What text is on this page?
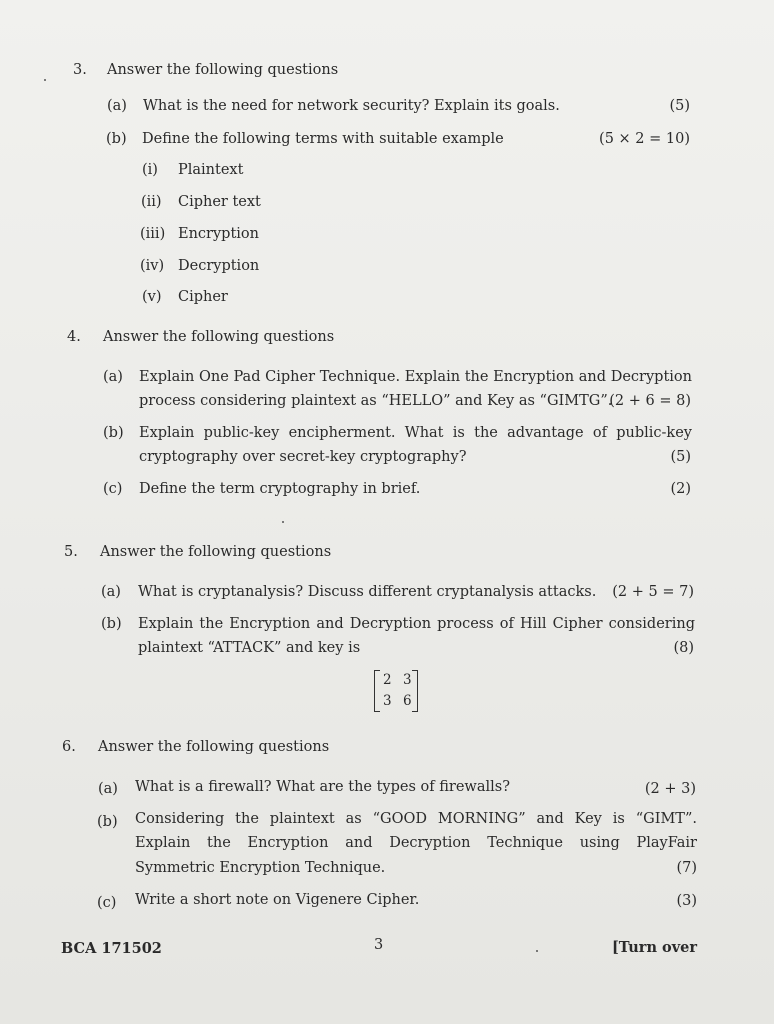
3. Answer the following questions
(a) What is the need for network security? Explain its goals.	(5)
(b) Define the following terms with suitable example	(5 × 2 = 10)
(i) Plaintext
(ii) Cipher text
(iii) Encryption
(iv) Decryption
(v) Cipher
4. Answer the following questions
(a) Explain One Pad Cipher Technique. Explain the Encryption and Decryption
process considering plaintext as “HELLO” and Key as “GIMTG”.
(2 + 6 = 8)
(b) Explain public-key encipherment. What is the advantage of public-key
cryptography over secret-key cryptography?	(5)
(c) Define the term cryptography in brief.	(2)
5. Answer the following questions
(a) What is cryptanalysis? Discuss different cryptanalysis attacks. (2 + 5 = 7)
(b) Explain the Encryption and Decryption process of Hill Cipher considering
plaintext “ATTACK” and key is	(8)
2 3
3 6
6. Answer the following questions
(a) What is a firewall? What are the types of firewalls?	(2 + 3)
(b) Considering the plaintext as “GOOD MORNING” and Key is “GIMT”.
Explain the Encryption and Decryption Technique using PlayFair
Symmetric Encryption Technique.	(7)
(c) Write a short note on Vigenere Cipher.	(3)
BCA 171502	3	[Turn over
